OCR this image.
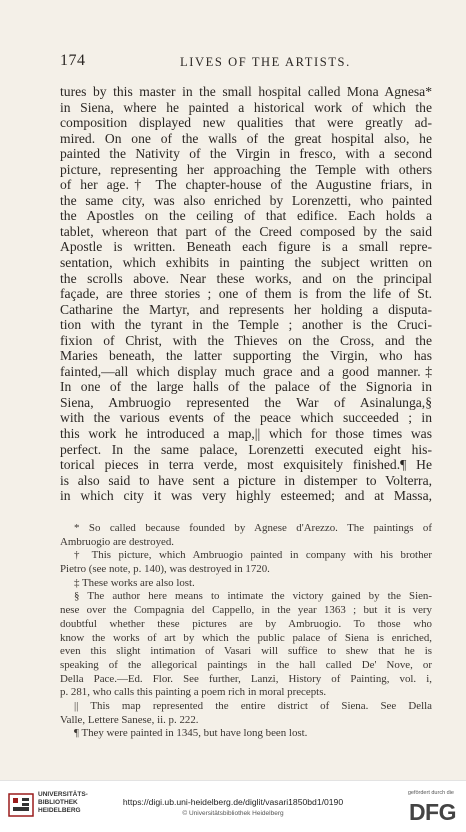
174	LIVES OF THE ARTISTS.
tures by this master in the small hospital called Mona Agnesa*
in Siena, where he painted a historical work of which the
composition displayed new qualities that were greatly ad-
mired. On one of the walls of the great hospital also, he
painted the Nativity of the Virgin in fresco, with a second
picture, representing her approaching the Temple with others
of her age.† The chapter-house of the Augustine friars, in
the same city, was also enriched by Lorenzetti, who painted
the Apostles on the ceiling of that edifice. Each holds a
tablet, whereon that part of the Creed composed by the said
Apostle is written. Beneath each figure is a small repre-
sentation, which exhibits in painting the subject written on
the scrolls above. Near these works, and on the principal
façade, are three stories ; one of them is from the life of St.
Catharine the Martyr, and represents her holding a disputa-
tion with the tyrant in the Temple ; another is the Cruci-
fixion of Christ, with the Thieves on the Cross, and the
Maries beneath, the latter supporting the Virgin, who has
fainted,—all which display much grace and a good manner.‡
In one of the large halls of the palace of the Signoria in
Siena, Ambruogio represented the War of Asinalunga,§
with the various events of the peace which succeeded ; in
this work he introduced a map,|| which for those times was
perfect. In the same palace, Lorenzetti executed eight his-
torical pieces in terra verde, most exquisitely finished.¶ He
is also said to have sent a picture in distemper to Volterra,
in which city it was very highly esteemed; and at Massa,
* So called because founded by Agnese d'Arezzo. The paintings of
Ambruogio are destroyed.
† This picture, which Ambruogio painted in company with his brother
Pietro (see note, p. 140), was destroyed in 1720.
‡ These works are also lost.
§ The author here means to intimate the victory gained by the Sien-
nese over the Compagnia del Cappello, in the year 1363 ; but it is very
doubtful whether these pictures are by Ambruogio. To those who
know the works of art by which the public palace of Siena is enriched,
even this slight intimation of Vasari will suffice to shew that he is
speaking of the allegorical paintings in the hall called De' Nove, or
Della Pace.—Ed. Flor. See further, Lanzi, History of Painting, vol. i,
p. 281, who calls this painting a poem rich in moral precepts.
|| This map represented the entire district of Siena. See Della
Valle, Lettere Sanese, ii. p. 222.
¶ They were painted in 1345, but have long been lost.
UNIVERSITÄTS-
BIBLIOTHEK
HEIDELBERG
https://digi.ub.uni-heidelberg.de/diglit/vasari1850bd1/0190
© Universitätsbibliothek Heidelberg
gefördert durch die
DFG
